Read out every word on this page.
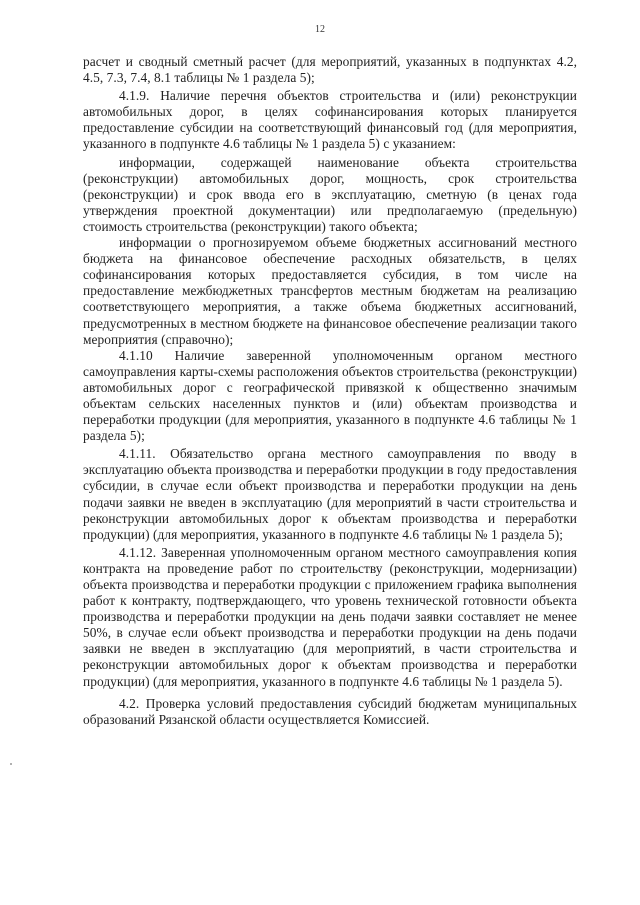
12

расчет и сводный сметный расчет (для мероприятий, указанных в подпунктах 4.2, 4.5, 7.3, 7.4, 8.1 таблицы № 1 раздела 5);

4.1.9. Наличие перечня объектов строительства и (или) реконструкции автомобильных дорог, в целях софинансирования которых планируется предоставление субсидии на соответствующий финансовый год (для мероприятия, указанного в подпункте 4.6 таблицы № 1 раздела 5) с указанием:

информации, содержащей наименование объекта строительства (реконструкции) автомобильных дорог, мощность, срок строительства (реконструкции) и срок ввода его в эксплуатацию, сметную (в ценах года утверждения проектной документации) или предполагаемую (предельную) стоимость строительства (реконструкции) такого объекта;

информации о прогнозируемом объеме бюджетных ассигнований местного бюджета на финансовое обеспечение расходных обязательств, в целях софинансирования которых предоставляется субсидия, в том числе на предоставление межбюджетных трансфертов местным бюджетам на реализацию соответствующего мероприятия, а также объема бюджетных ассигнований, предусмотренных в местном бюджете на финансовое обеспечение реализации такого мероприятия (справочно);

4.1.10 Наличие заверенной уполномоченным органом местного самоуправления карты-схемы расположения объектов строительства (реконструкции) автомобильных дорог с географической привязкой к общественно значимым объектам сельских населенных пунктов и (или) объектам производства и переработки продукции (для мероприятия, указанного в подпункте 4.6 таблицы № 1 раздела 5);

4.1.11. Обязательство органа местного самоуправления по вводу в эксплуатацию объекта производства и переработки продукции в году предоставления субсидии, в случае если объект производства и переработки продукции на день подачи заявки не введен в эксплуатацию (для мероприятий в части строительства и реконструкции автомобильных дорог к объектам производства и переработки продукции) (для мероприятия, указанного в подпункте 4.6 таблицы № 1 раздела 5);

4.1.12. Заверенная уполномоченным органом местного самоуправления копия контракта на проведение работ по строительству (реконструкции, модернизации) объекта производства и переработки продукции с приложением графика выполнения работ к контракту, подтверждающего, что уровень технической готовности объекта производства и переработки продукции на день подачи заявки составляет не менее 50%, в случае если объект производства и переработки продукции на день подачи заявки не введен в эксплуатацию (для мероприятий, в части строительства и реконструкции автомобильных дорог к объектам производства и переработки продукции) (для мероприятия, указанного в подпункте 4.6 таблицы № 1 раздела 5).

4.2. Проверка условий предоставления субсидий бюджетам муниципальных образований Рязанской области осуществляется Комиссией.
